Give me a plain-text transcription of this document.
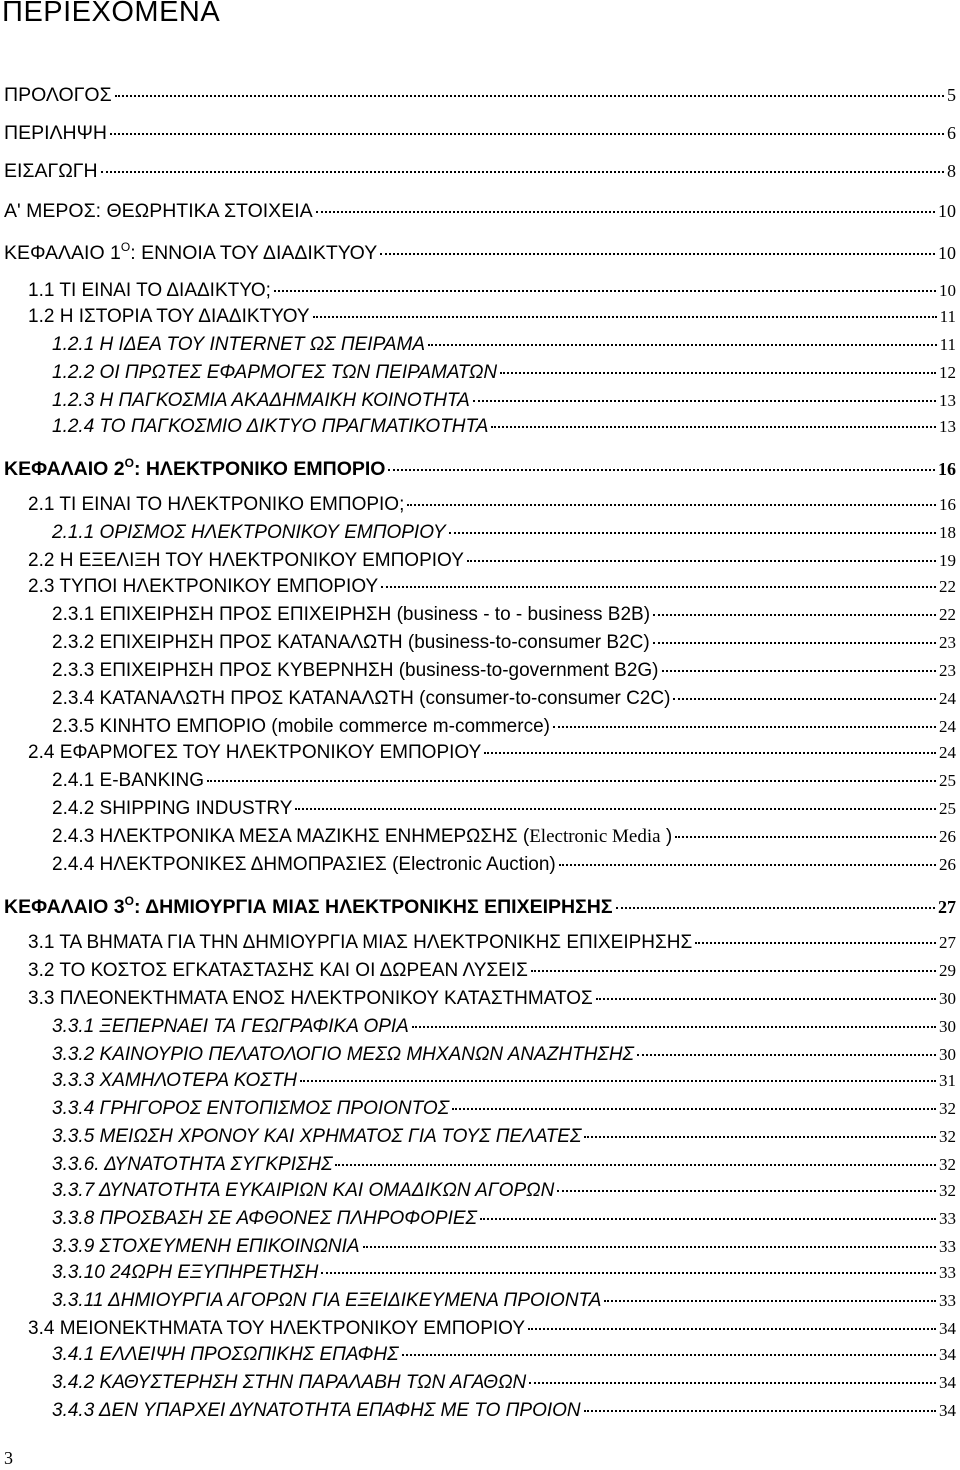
ΠΕΡΙΕΧΟΜΕΝΑ
ΠΡΟΛΟΓΟΣ	5
ΠΕΡΙΛΗΨΗ	6
ΕΙΣΑΓΩΓΗ	8
Α' ΜΕΡΟΣ: ΘΕΩΡΗΤΙΚΑ ΣΤΟΙΧΕΙΑ	10
ΚΕΦΑΛΑΙΟ $1^O$: ΕΝΝΟΙΑ ΤΟΥ ΔΙΑΔΙΚΤΥΟΥ	10
1.1 ΤΙ ΕΙΝΑΙ ΤΟ ΔΙΑΔΙΚΤΥΟ;	10
1.2 Η ΙΣΤΟΡΙΑ ΤΟΥ ΔΙΑΔΙΚΤΥΟΥ	11
1.2.1 Η ΙΔΕΑ ΤΟΥ INTERNET ΩΣ ΠΕΙΡΑΜΑ	11
1.2.2 ΟΙ ΠΡΩΤΕΣ ΕΦΑΡΜΟΓΕΣ ΤΩΝ ΠΕΙΡΑΜΑΤΩΝ	12
1.2.3 Η ΠΑΓΚΟΣΜΙΑ ΑΚΑΔΗΜΑΙΚΗ ΚΟΙΝΟΤΗΤΑ	13
1.2.4 ΤΟ ΠΑΓΚΟΣΜΙΟ ΔΙΚΤΥΟ ΠΡΑΓΜΑΤΙΚΟΤΗΤΑ	13
ΚΕΦΑΛΑΙΟ $2^O$: ΗΛΕΚΤΡΟΝΙΚΟ ΕΜΠΟΡΙΟ	16
2.1 ΤΙ ΕΙΝΑΙ ΤΟ ΗΛΕΚΤΡΟΝΙΚΟ ΕΜΠΟΡΙΟ;	16
2.1.1 ΟΡΙΣΜΟΣ ΗΛΕΚΤΡΟΝΙΚΟΥ ΕΜΠΟΡΙΟΥ	18
2.2 Η ΕΞΕΛΙΞΗ ΤΟΥ ΗΛΕΚΤΡΟΝΙΚΟΥ ΕΜΠΟΡΙΟΥ	19
2.3 ΤΥΠΟΙ ΗΛΕΚΤΡΟΝΙΚΟΥ ΕΜΠΟΡΙΟΥ	22
2.3.1 ΕΠΙΧΕΙΡΗΣΗ ΠΡΟΣ ΕΠΙΧΕΙΡΗΣΗ (business - to - business B2B)	22
2.3.2 ΕΠΙΧΕΙΡΗΣΗ ΠΡΟΣ ΚΑΤΑΝΑΛΩΤΗ (business-to-consumer B2C)	23
2.3.3 ΕΠΙΧΕΙΡΗΣΗ ΠΡΟΣ ΚΥΒΕΡΝΗΣΗ (business-to-government B2G)	23
2.3.4 ΚΑΤΑΝΑΛΩΤΗ ΠΡΟΣ ΚΑΤΑΝΑΛΩΤΗ (consumer-to-consumer C2C)	24
2.3.5 ΚΙΝΗΤΟ ΕΜΠΟΡΙΟ (mobile commerce m-commerce)	24
2.4 ΕΦΑΡΜΟΓΕΣ ΤΟΥ ΗΛΕΚΤΡΟΝΙΚΟΥ ΕΜΠΟΡΙΟΥ	24
2.4.1 E-BANKING	25
2.4.2 SHIPPING INDUSTRY	25
2.4.3 ΗΛΕΚΤΡΟΝΙΚΑ ΜΕΣΑ ΜΑΖΙΚΗΣ ΕΝΗΜΕΡΩΣΗΣ (Electronic Media )	26
2.4.4 ΗΛΕΚΤΡΟΝΙΚΕΣ ΔΗΜΟΠΡΑΣΙΕΣ (Electronic Auction)	26
ΚΕΦΑΛΑΙΟ $3^O$: ΔΗΜΙΟΥΡΓΙΑ ΜΙΑΣ ΗΛΕΚΤΡΟΝΙΚΗΣ ΕΠΙΧΕΙΡΗΣΗΣ	27
3.1 ΤΑ ΒΗΜΑΤΑ ΓΙΑ ΤΗΝ ΔΗΜΙΟΥΡΓΙΑ ΜΙΑΣ ΗΛΕΚΤΡΟΝΙΚΗΣ ΕΠΙΧΕΙΡΗΣΗΣ	27
3.2 ΤΟ ΚΟΣΤΟΣ ΕΓΚΑΤΑΣΤΑΣΗΣ ΚΑΙ ΟΙ ΔΩΡΕΑΝ ΛΥΣΕΙΣ	29
3.3 ΠΛΕΟΝΕΚΤΗΜΑΤΑ ΕΝΟΣ ΗΛΕΚΤΡΟΝΙΚΟΥ ΚΑΤΑΣΤΗΜΑΤΟΣ	30
3.3.1 ΞΕΠΕΡΝΑΕΙ ΤΑ ΓΕΩΓΡΑΦΙΚΑ ΟΡΙΑ	30
3.3.2 ΚΑΙΝΟΥΡΙΟ ΠΕΛΑΤΟΛΟΓΙΟ ΜΕΣΩ ΜΗΧΑΝΩΝ ΑΝΑΖΗΤΗΣΗΣ	30
3.3.3 ΧΑΜΗΛΟΤΕΡΑ ΚΟΣΤΗ	31
3.3.4 ΓΡΗΓΟΡΟΣ ΕΝΤΟΠΙΣΜΟΣ ΠΡΟΙΟΝΤΟΣ	32
3.3.5 ΜΕΙΩΣΗ ΧΡΟΝΟΥ ΚΑΙ ΧΡΗΜΑΤΟΣ ΓΙΑ ΤΟΥΣ ΠΕΛΑΤΕΣ	32
3.3.6. ΔΥΝΑΤΟΤΗΤΑ ΣΥΓΚΡΙΣΗΣ	32
3.3.7 ΔΥΝΑΤΟΤΗΤΑ ΕΥΚΑΙΡΙΩΝ ΚΑΙ ΟΜΑΔΙΚΩΝ ΑΓΟΡΩΝ	32
3.3.8 ΠΡΟΣΒΑΣΗ ΣΕ ΑΦΘΟΝΕΣ ΠΛΗΡΟΦΟΡΙΕΣ	33
3.3.9 ΣΤΟΧΕΥΜΕΝΗ ΕΠΙΚΟΙΝΩΝΙΑ	33
3.3.10 24ΩΡΗ ΕΞΥΠΗΡΕΤΗΣΗ	33
3.3.11 ΔΗΜΙΟΥΡΓΙΑ ΑΓΟΡΩΝ ΓΙΑ ΕΞΕΙΔΙΚΕΥΜΕΝΑ ΠΡΟΙΟΝΤΑ	33
3.4 ΜΕΙΟΝΕΚΤΗΜΑΤΑ ΤΟΥ ΗΛΕΚΤΡΟΝΙΚΟΥ ΕΜΠΟΡΙΟΥ	34
3.4.1 ΕΛΛΕΙΨΗ ΠΡΟΣΩΠΙΚΗΣ ΕΠΑΦΗΣ	34
3.4.2 ΚΑΘΥΣΤΕΡΗΣΗ ΣΤΗΝ ΠΑΡΑΛΑΒΗ ΤΩΝ ΑΓΑΘΩΝ	34
3.4.3 ΔΕΝ ΥΠΑΡΧΕΙ ΔΥΝΑΤΟΤΗΤΑ ΕΠΑΦΗΣ ΜΕ ΤΟ ΠΡΟΙΟΝ	34
3
